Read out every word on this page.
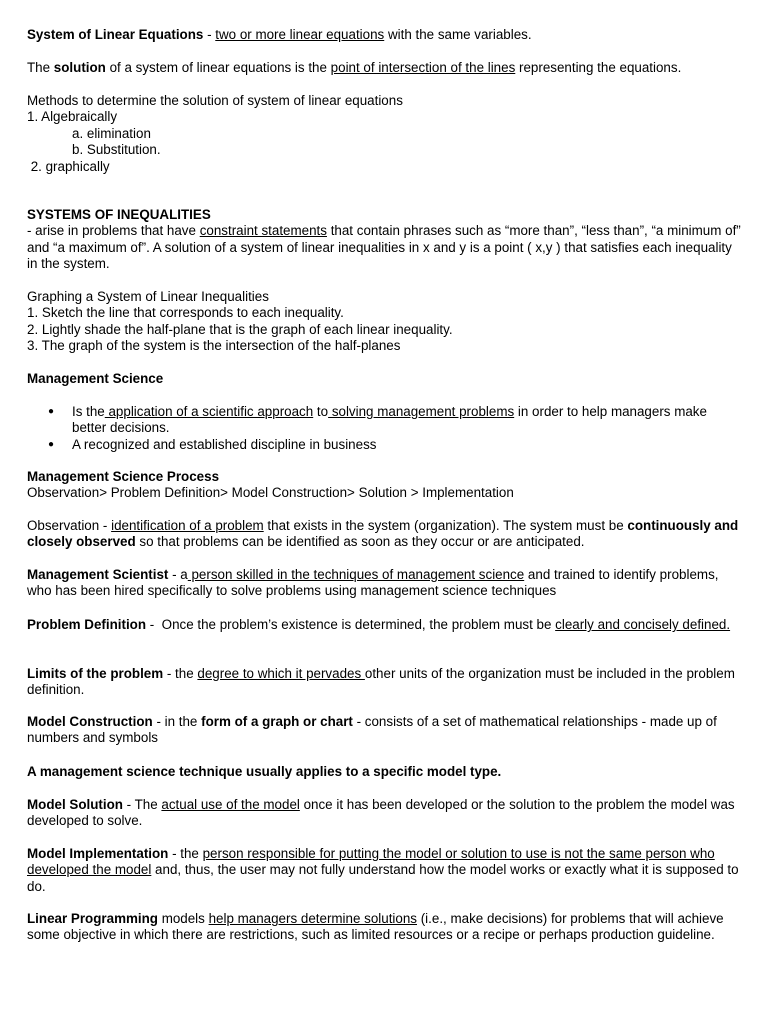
System of Linear Equations - two or more linear equations with the same variables.

The solution of a system of linear equations is the point of intersection of the lines representing the equations.

Methods to determine the solution of system of linear equations
1. Algebraically
a. elimination
b. Substitution.
2. graphically
SYSTEMS OF INEQUALITIES
- arise in problems that have constraint statements that contain phrases such as “more than”, “less than”, “a minimum of” and “a maximum of”. A solution of a system of linear inequalities in x and y is a point ( x,y ) that satisfies each inequality in the system.
Graphing a System of Linear Inequalities
1. Sketch the line that corresponds to each inequality.
2. Lightly shade the half-plane that is the graph of each linear inequality.
3. The graph of the system is the intersection of the half-planes

Management Science

● Is the application of a scientific approach to solving management problems in order to help managers make better decisions.
● A recognized and established discipline in business
Management Science Process
Observation> Problem Definition> Model Construction> Solution > Implementation

Observation - identification of a problem that exists in the system (organization). The system must be continuously and closely observed so that problems can be identified as soon as they occur or are anticipated.

Management Scientist - a person skilled in the techniques of management science and trained to identify problems, who has been hired specifically to solve problems using management science techniques

Problem Definition -  Once the problem’s existence is determined, the problem must be clearly and concisely defined.

Limits of the problem - the degree to which it pervades other units of the organization must be included in the problem definition.

Model Construction - in the form of a graph or chart - consists of a set of mathematical relationships - made up of numbers and symbols

A management science technique usually applies to a specific model type.

Model Solution - The actual use of the model once it has been developed or the solution to the problem the model was developed to solve.

Model Implementation - the person responsible for putting the model or solution to use is not the same person who developed the model and, thus, the user may not fully understand how the model works or exactly what it is supposed to do.

Linear Programming models help managers determine solutions (i.e., make decisions) for problems that will achieve some objective in which there are restrictions, such as limited resources or a recipe or perhaps production guideline.
